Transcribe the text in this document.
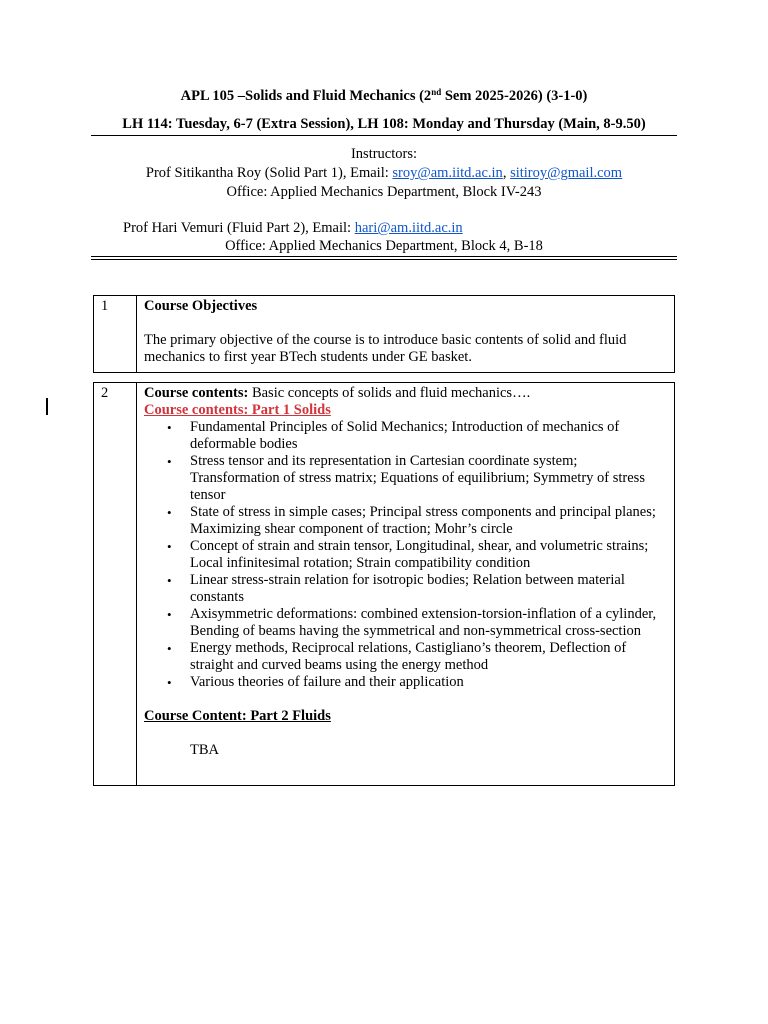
APL 105 –Solids and Fluid Mechanics (2nd Sem 2025-2026) (3-1-0)
LH 114: Tuesday, 6-7 (Extra Session), LH 108: Monday and Thursday (Main, 8-9.50)
Instructors:
Prof Sitikantha Roy (Solid Part 1), Email: sroy@am.iitd.ac.in, sitiroy@gmail.com
Office: Applied Mechanics Department, Block IV-243
Prof Hari Vemuri (Fluid Part 2), Email: hari@am.iitd.ac.in
Office: Applied Mechanics Department, Block 4, B-18
1	Course Objectives
The primary objective of the course is to introduce basic contents of solid and fluid mechanics to first year BTech students under GE basket.
2	Course contents: Basic concepts of solids and fluid mechanics….
Course contents: Part 1 Solids
• Fundamental Principles of Solid Mechanics; Introduction of mechanics of deformable bodies
• Stress tensor and its representation in Cartesian coordinate system; Transformation of stress matrix; Equations of equilibrium; Symmetry of stress tensor
• State of stress in simple cases; Principal stress components and principal planes; Maximizing shear component of traction; Mohr’s circle
• Concept of strain and strain tensor, Longitudinal, shear, and volumetric strains; Local infinitesimal rotation; Strain compatibility condition
• Linear stress-strain relation for isotropic bodies; Relation between material constants
• Axisymmetric deformations: combined extension-torsion-inflation of a cylinder, Bending of beams having the symmetrical and non-symmetrical cross-section
• Energy methods, Reciprocal relations, Castigliano’s theorem, Deflection of straight and curved beams using the energy method
• Various theories of failure and their application
Course Content: Part 2 Fluids
TBA
